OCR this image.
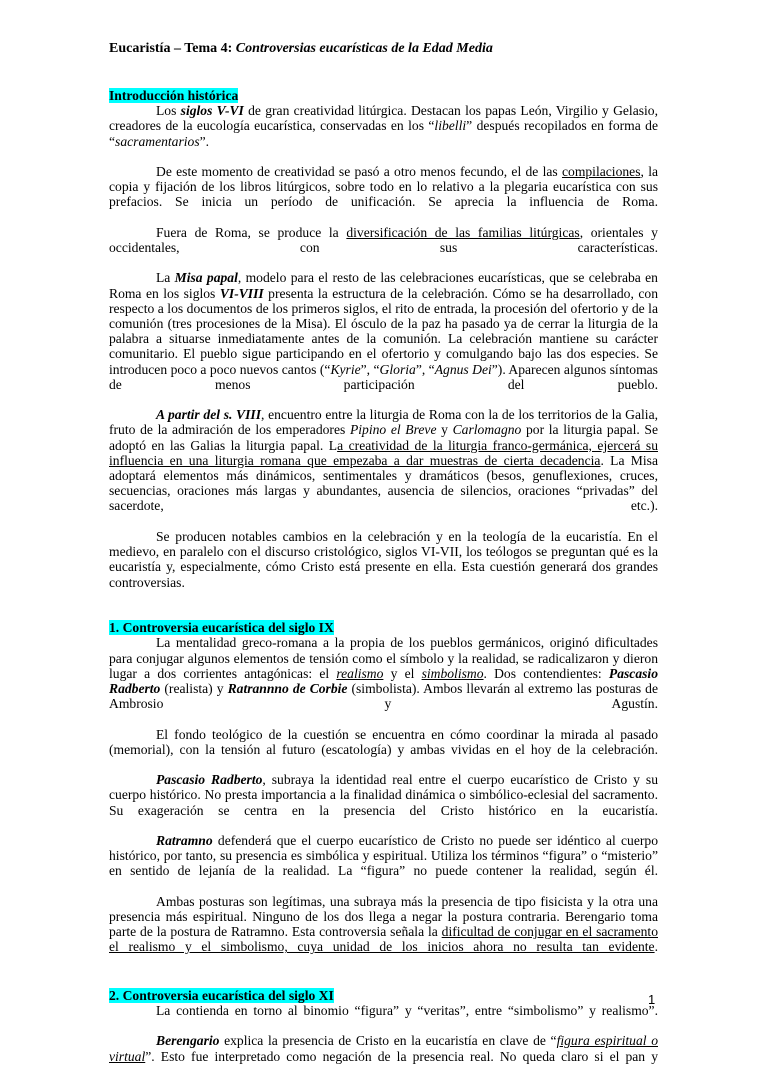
Eucaristía – Tema 4: Controversias eucarísticas de la Edad Media
Introducción histórica
Los siglos V-VI de gran creatividad litúrgica. Destacan los papas León, Virgilio y Gelasio, creadores de la eucología eucarística, conservadas en los “libelli” después recopilados en forma de “sacramentarios”.
De este momento de creatividad se pasó a otro menos fecundo, el de las compilaciones, la copia y fijación de los libros litúrgicos, sobre todo en lo relativo a la plegaria eucarística con sus prefacios. Se inicia un período de unificación. Se aprecia la influencia de Roma.
Fuera de Roma, se produce la diversificación de las familias litúrgicas, orientales y occidentales, con sus características.
La Misa papal, modelo para el resto de las celebraciones eucarísticas, que se celebraba en Roma en los siglos VI-VIII presenta la estructura de la celebración. Cómo se ha desarrollado, con respecto a los documentos de los primeros siglos, el rito de entrada, la procesión del ofertorio y de la comunión (tres procesiones de la Misa). El ósculo de la paz ha pasado ya de cerrar la liturgia de la palabra a situarse inmediatamente antes de la comunión. La celebración mantiene su carácter comunitario. El pueblo sigue participando en el ofertorio y comulgando bajo las dos especies. Se introducen poco a poco nuevos cantos (“Kyrie”, “Gloria”, “Agnus Dei”). Aparecen algunos síntomas de menos participación del pueblo.
A partir del s. VIII, encuentro entre la liturgia de Roma con la de los territorios de la Galia, fruto de la admiración de los emperadores Pipino el Breve y Carlomagno por la liturgia papal. Se adoptó en las Galias la liturgia papal. La creatividad de la liturgia franco-germánica, ejercerá su influencia en una liturgia romana que empezaba a dar muestras de cierta decadencia. La Misa adoptará elementos más dinámicos, sentimentales y dramáticos (besos, genuflexiones, cruces, secuencias, oraciones más largas y abundantes, ausencia de silencios, oraciones “privadas” del sacerdote, etc.).
Se producen notables cambios en la celebración y en la teología de la eucaristía. En el medievo, en paralelo con el discurso cristológico, siglos VI-VII, los teólogos se preguntan qué es la eucaristía y, especialmente, cómo Cristo está presente en ella. Esta cuestión generará dos grandes controversias.
1. Controversia eucarística del siglo IX
La mentalidad greco-romana a la propia de los pueblos germánicos, originó dificultades para conjugar algunos elementos de tensión como el símbolo y la realidad, se radicalizaron y dieron lugar a dos corrientes antagónicas: el realismo y el simbolismo. Dos contendientes: Pascasio Radberto (realista) y Ratrannno de Corbie (simbolista). Ambos llevarán al extremo las posturas de Ambrosio y Agustín.
El fondo teológico de la cuestión se encuentra en cómo coordinar la mirada al pasado (memorial), con la tensión al futuro (escatología) y ambas vividas en el hoy de la celebración.
Pascasio Radberto, subraya la identidad real entre el cuerpo eucarístico de Cristo y su cuerpo histórico. No presta importancia a la finalidad dinámica o simbólico-eclesial del sacramento. Su exageración se centra en la presencia del Cristo histórico en la eucaristía.
Ratramno defenderá que el cuerpo eucarístico de Cristo no puede ser idéntico al cuerpo histórico, por tanto, su presencia es simbólica y espiritual. Utiliza los términos “figura” o “misterio” en sentido de lejanía de la realidad. La “figura” no puede contener la realidad, según él.
Ambas posturas son legítimas, una subraya más la presencia de tipo fisicista y la otra una presencia más espiritual. Ninguno de los dos llega a negar la postura contraria. Berengario toma parte de la postura de Ratramno. Esta controversia señala la dificultad de conjugar en el sacramento el realismo y el simbolismo, cuya unidad de los inicios ahora no resulta tan evidente.
2. Controversia eucarística del siglo XI
La contienda en torno al binomio “figura” y “veritas”, entre “simbolismo” y realismo”.
Berengario explica la presencia de Cristo en la eucaristía en clave de “figura espiritual o virtual”. Esto fue interpretado como negación de la presencia real. No queda claro si el pan y
1
